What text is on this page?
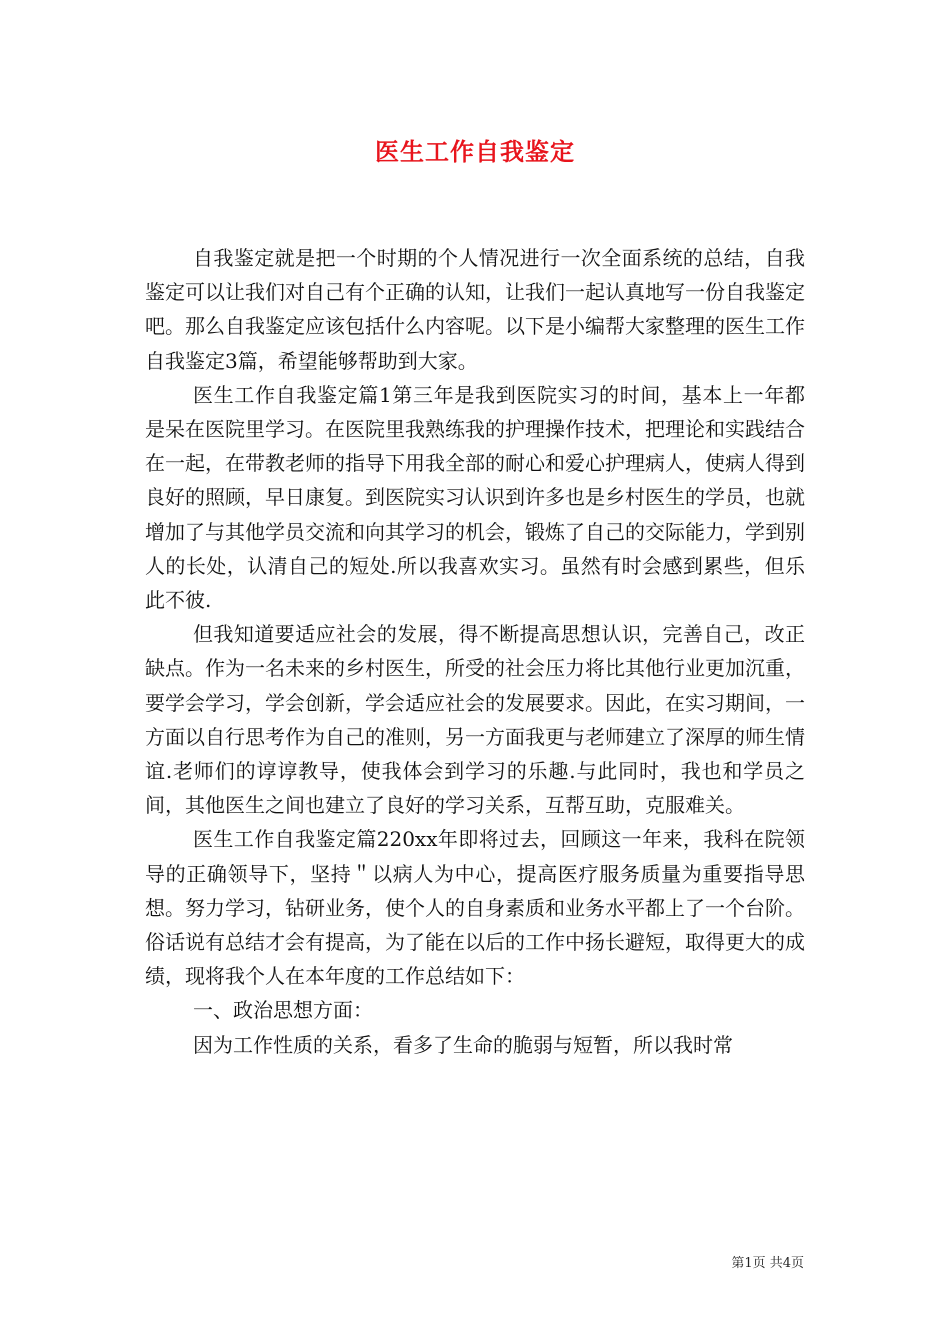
医生工作自我鉴定

自我鉴定就是把一个时期的个人情况进行一次全面系统的总结，自我鉴定可以让我们对自己有个正确的认知，让我们一起认真地写一份自我鉴定吧。那么自我鉴定应该包括什么内容呢。以下是小编帮大家整理的医生工作自我鉴定3篇，希望能够帮助到大家。

医生工作自我鉴定篇1第三年是我到医院实习的时间，基本上一年都是呆在医院里学习。在医院里我熟练我的护理操作技术，把理论和实践结合在一起，在带教老师的指导下用我全部的耐心和爱心护理病人，使病人得到良好的照顾，早日康复。到医院实习认识到许多也是乡村医生的学员，也就增加了与其他学员交流和向其学习的机会，锻炼了自己的交际能力，学到别人的长处，认清自己的短处.所以我喜欢实习。虽然有时会感到累些，但乐此不彼.

但我知道要适应社会的发展，得不断提高思想认识，完善自己，改正缺点。作为一名未来的乡村医生，所受的社会压力将比其他行业更加沉重，要学会学习，学会创新，学会适应社会的发展要求。因此，在实习期间，一方面以自行思考作为自己的准则，另一方面我更与老师建立了深厚的师生情谊.老师们的谆谆教导，使我体会到学习的乐趣.与此同时，我也和学员之间，其他医生之间也建立了良好的学习关系，互帮互助，克服难关。

医生工作自我鉴定篇220xx年即将过去，回顾这一年来，我科在院领导的正确领导下，坚持＂以病人为中心，提高医疗服务质量为重要指导思想。努力学习，钻研业务，使个人的自身素质和业务水平都上了一个台阶。俗话说有总结才会有提高，为了能在以后的工作中扬长避短，取得更大的成绩，现将我个人在本年度的工作总结如下：

一、政治思想方面：

因为工作性质的关系，看多了生命的脆弱与短暂，所以我时常

第1页 共4页
